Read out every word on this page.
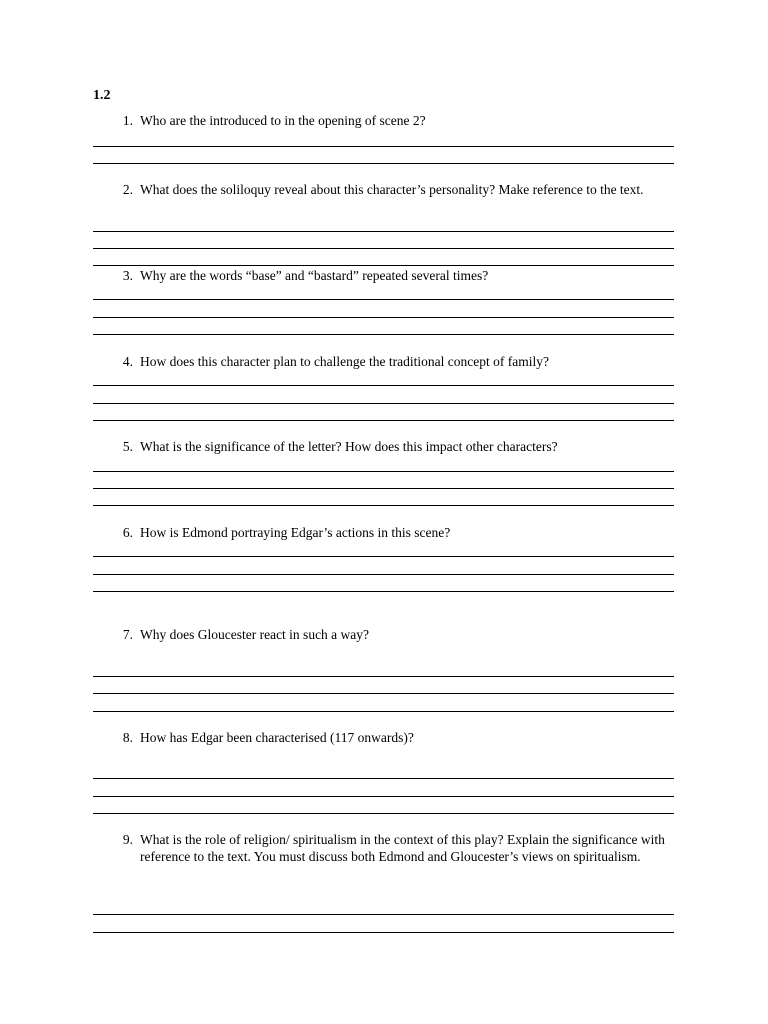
1.2
1. Who are the introduced to in the opening of scene 2?
2. What does the soliloquy reveal about this character’s personality? Make reference to the text.
3. Why are the words “base” and “bastard” repeated several times?
4. How does this character plan to challenge the traditional concept of family?
5. What is the significance of the letter? How does this impact other characters?
6. How is Edmond portraying Edgar’s actions in this scene?
7. Why does Gloucester react in such a way?
8. How has Edgar been characterised (117 onwards)?
9. What is the role of religion/ spiritualism in the context of this play? Explain the significance with reference to the text. You must discuss both Edmond and Gloucester’s views on spiritualism.
